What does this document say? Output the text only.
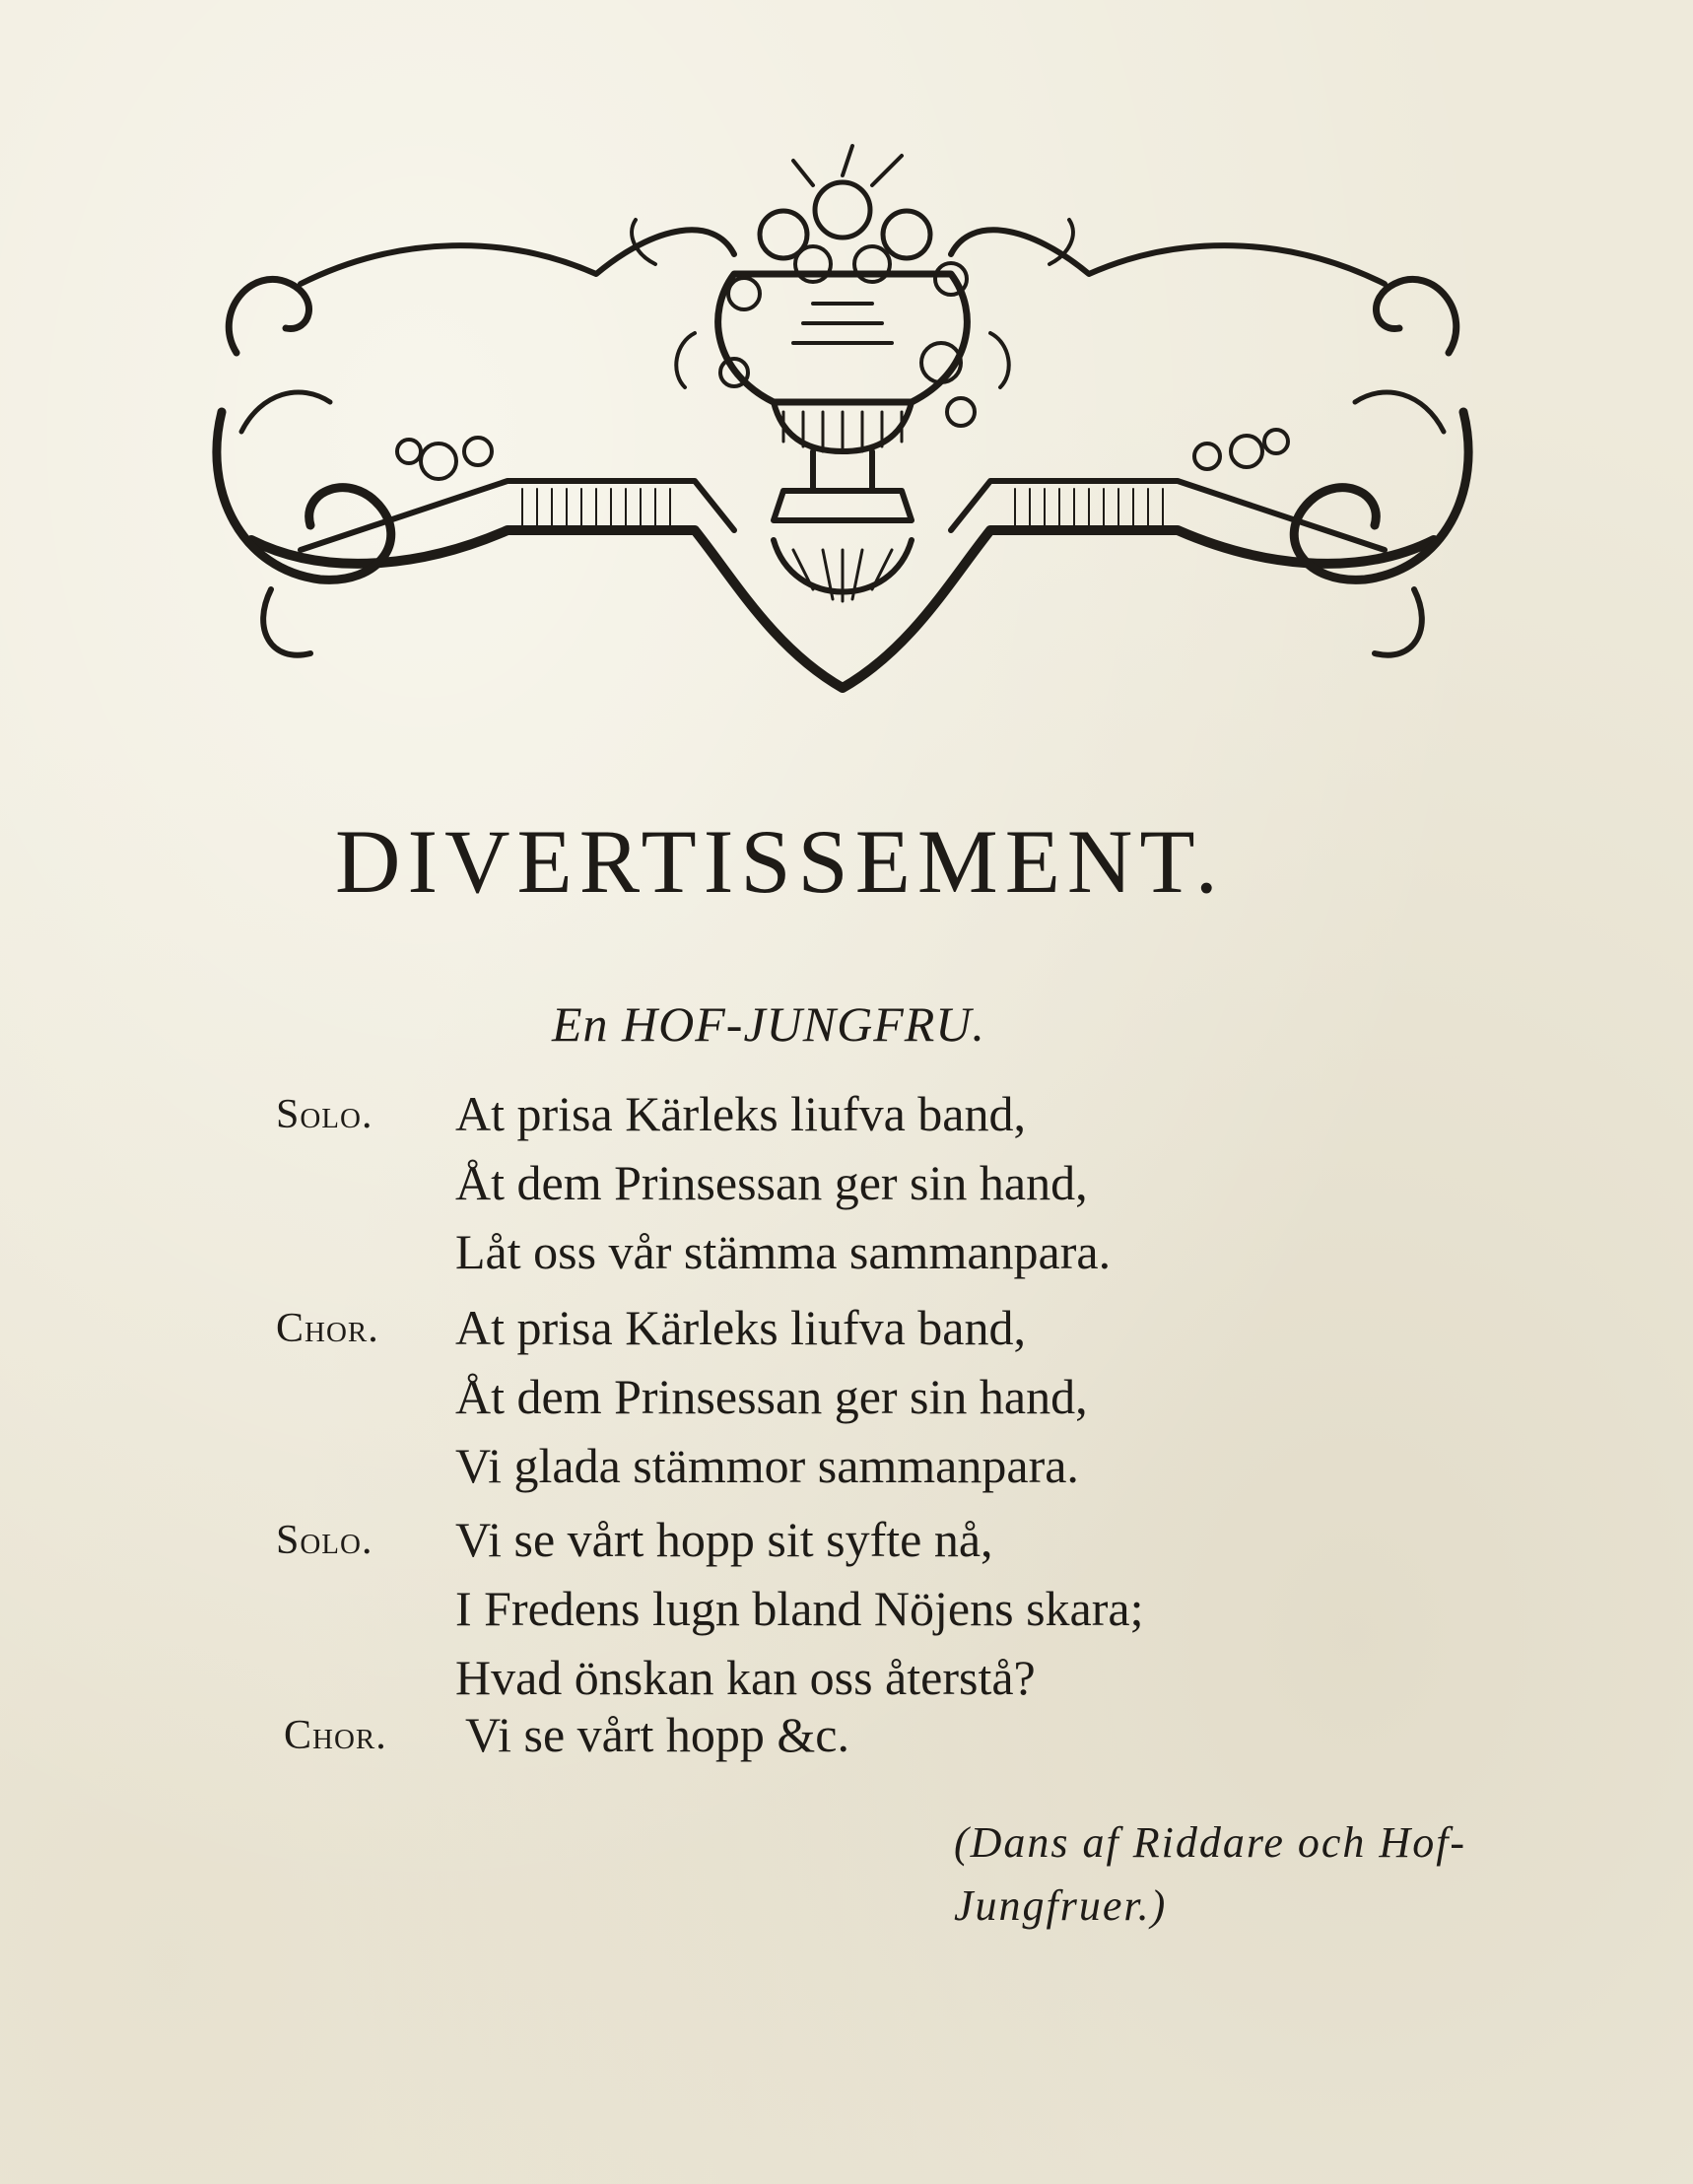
DIVERTISSEMENT.
En HOF-JUNGFRU.
Solo. At prisa Kärleks liufva band,
Åt dem Prinsessan ger sin hand,
Låt oss vår stämma sammanpara.
Chor. At prisa Kärleks liufva band,
Åt dem Prinsessan ger sin hand,
Vi glada stämmor sammanpara.
Solo. Vi se vårt hopp sit syfte nå,
I Fredens lugn bland Nöjens skara;
Hvad önskan kan oss återstå?
Chor. Vi se vårt hopp &c.
(Dans af Riddare och Hof-
Jungfruer.)
